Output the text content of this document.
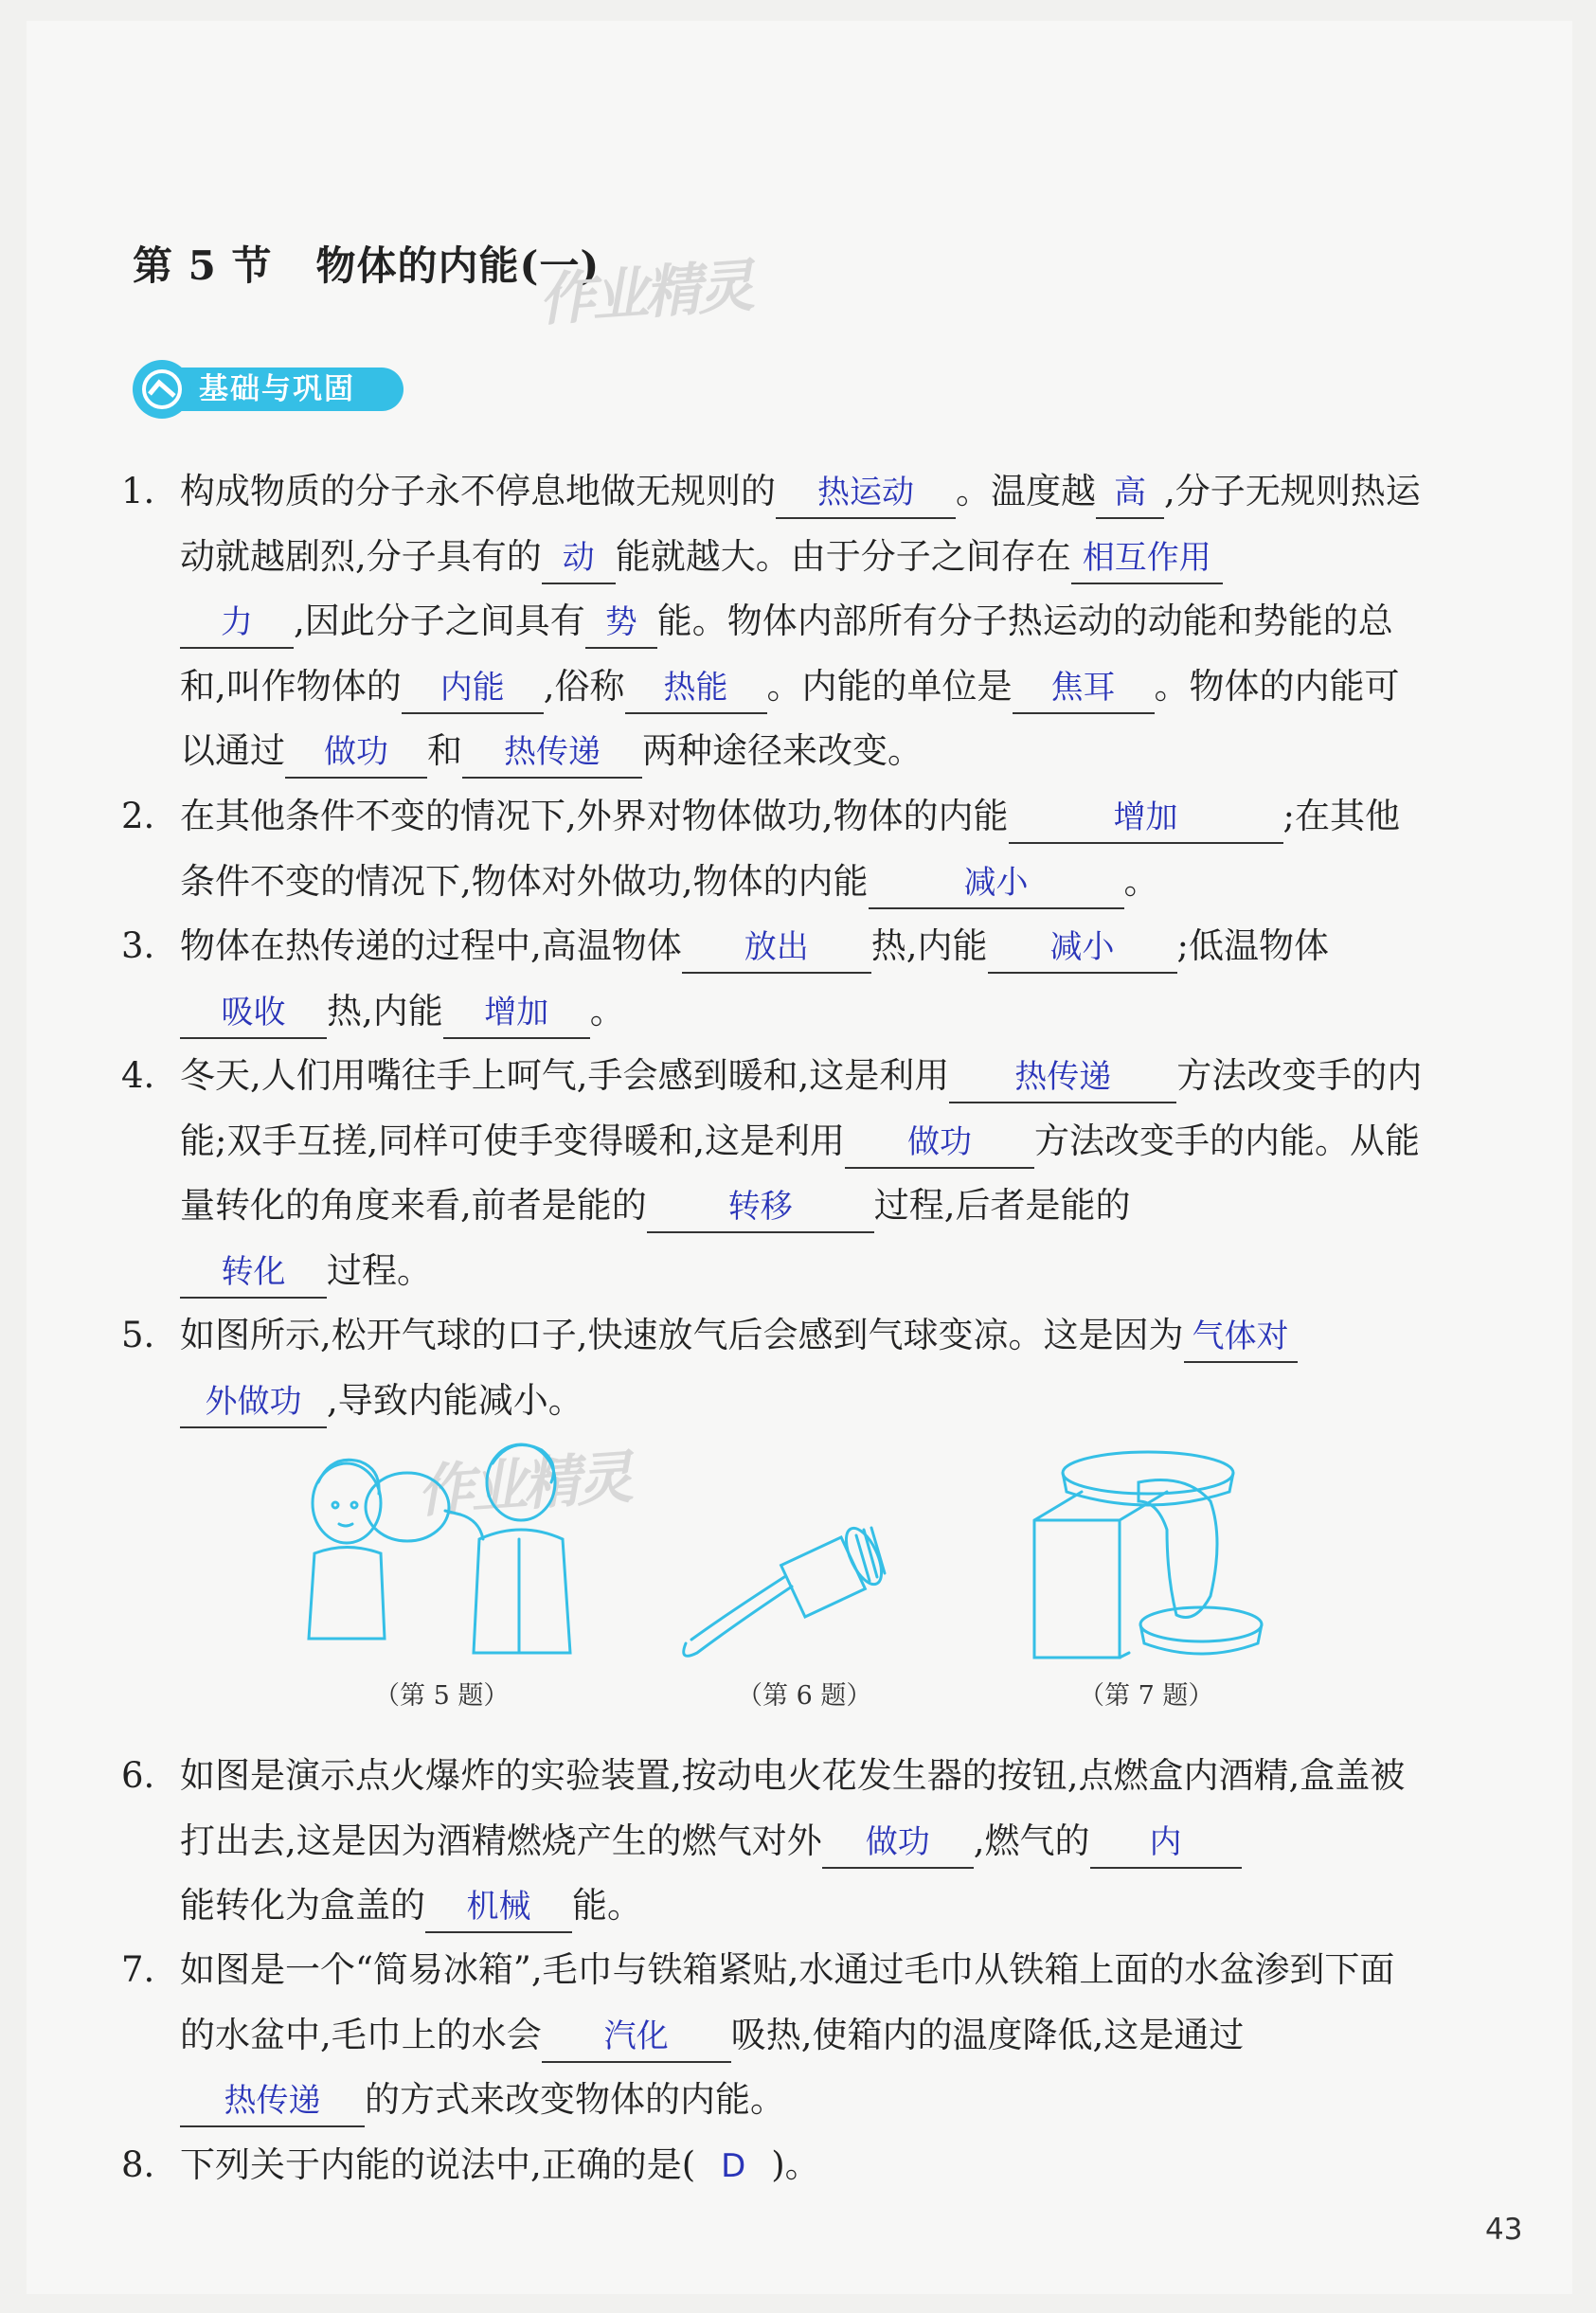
第 5 节 物体的内能(一)
作业精灵
基础与巩固
1. 构成物质的分子永不停息地做无规则的 热运动 。温度越 高 ,分子无规则热运动就越剧烈,分子具有的 动 能就越大。由于分子之间存在 相互作用
力 ,因此分子之间具有 势 能。物体内部所有分子热运动的动能和势能的总和,叫作物体的 内能 ,俗称 热能 。内能的单位是 焦耳 。物体的内能可以通过 做功 和 热传递 两种途径来改变。
2. 在其他条件不变的情况下,外界对物体做功,物体的内能	增加	;在其他条件不变的情况下,物体对外做功,物体的内能	减小	。
3. 物体在热传递的过程中,高温物体 放出 热,内能 减小 ;低温物体
吸收 热,内能 增加 。
4. 冬天,人们用嘴往手上呵气,手会感到暖和,这是利用 热传递 方法改变手的内能;双手互搓,同样可使手变得暖和,这是利用 做功 方法改变手的内能。从能量转化的角度来看,前者是能的	转移 过程,后者是能的
转化 过程。
5. 如图所示,松开气球的口子,快速放气后会感到气球变凉。这是因为 气体对
外做功 ,导致内能减小。
作业精灵
（第 5 题）	（第 6 题）	（第 7 题）
6. 如图是演示点火爆炸的实验装置,按动电火花发生器的按钮,点燃盒内酒精,盒盖被打出去,这是因为酒精燃烧产生的燃气对外 做功 ,燃气的 内
能转化为盒盖的 机械 能。
7. 如图是一个“简易冰箱”,毛巾与铁箱紧贴,水通过毛巾从铁箱上面的水盆渗到下面的水盆中,毛巾上的水会 汽化 吸热,使箱内的温度降低,这是通过
热传递 的方式来改变物体的内能。
8. 下列关于内能的说法中,正确的是( D )。
43
